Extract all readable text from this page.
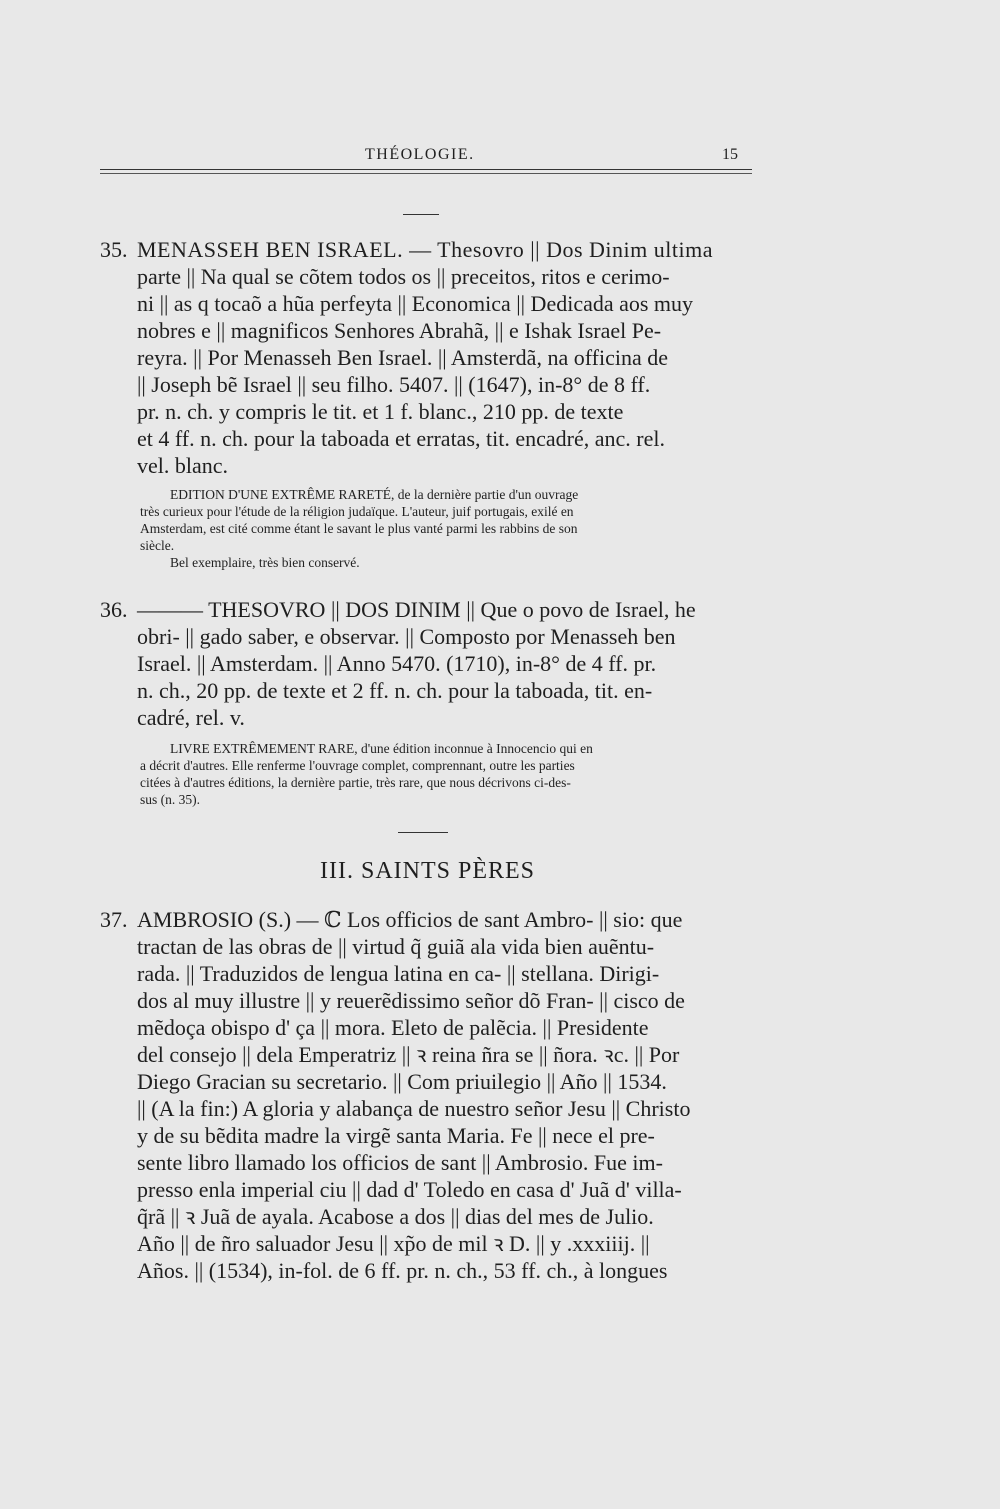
THÉOLOGIE.	15
35. MENASSEH BEN ISRAEL. — Thesovro || Dos Dinim ultima
parte || Na qual se cõtem todos os || preceitos, ritos e cerimo-
ni || as q tocaõ a hũa perfeyta || Economica || Dedicada aos muy
nobres e || magnificos Senhores Abrahã, || e Ishak Israel Pe-
reyra. || Por Menasseh Ben Israel. || Amsterdã, na officina de
|| Joseph bẽ Israel || seu filho. 5407. || (1647), in-8° de 8 ff.
pr. n. ch. y compris le tit. et 1 f. blanc., 210 pp. de texte
et 4 ff. n. ch. pour la taboada et erratas, tit. encadré, anc. rel.
vel. blanc.
EDITION D'UNE EXTRÊME RARETÉ, de la dernière partie d'un ouvrage
très curieux pour l'étude de la réligion judaïque. L'auteur, juif portugais, exilé en
Amsterdam, est cité comme étant le savant le plus vanté parmi les rabbins de son
siècle.
Bel exemplaire, très bien conservé.
36. ——— THESOVRO || DOS DINIM || Que o povo de Israel, he
obri- || gado saber, e observar. || Composto por Menasseh ben
Israel. || Amsterdam. || Anno 5470. (1710), in-8° de 4 ff. pr.
n. ch., 20 pp. de texte et 2 ff. n. ch. pour la taboada, tit. en-
cadré, rel. v.
LIVRE EXTRÊMEMENT RARE, d'une édition inconnue à Innocencio qui en
a décrit d'autres. Elle renferme l'ouvrage complet, comprennant, outre les parties
citées à d'autres éditions, la dernière partie, très rare, que nous décrivons ci-des-
sus (n. 35).
III. SAINTS PÈRES
37. AMBROSIO (S.) — ℂ Los officios de sant Ambro- || sio: que
tractan de las obras de || virtud q̃ guiã ala vida bien auẽntu-
rada. || Traduzidos de lengua latina en ca- || stellana. Dirigi-
dos al muy illustre || y reuerẽdissimo señor dõ Fran- || cisco de
mẽdoça obispo d' ça || mora. Eleto de palẽcia. || Presidente
del consejo || dela Emperatriz || ꝛ reina ñra se || ñora. ꝛc. || Por
Diego Gracian su secretario. || Com priuilegio || Año || 1534.
|| (A la fin:) A gloria y alabança de nuestro señor Jesu || Christo
y de su bẽdita madre la virgẽ santa Maria. Fe || nece el pre-
sente libro llamado los officios de sant || Ambrosio. Fue im-
presso enla imperial ciu || dad d' Toledo en casa d' Juã d' villa-
q̃rã || ꝛ Juã de ayala. Acabose a dos || dias del mes de Julio.
Año || de ñro saluador Jesu || xp̃o de mil ꝛ D. || y .xxxiiij. ||
Años. || (1534), in-fol. de 6 ff. pr. n. ch., 53 ff. ch., à longues
